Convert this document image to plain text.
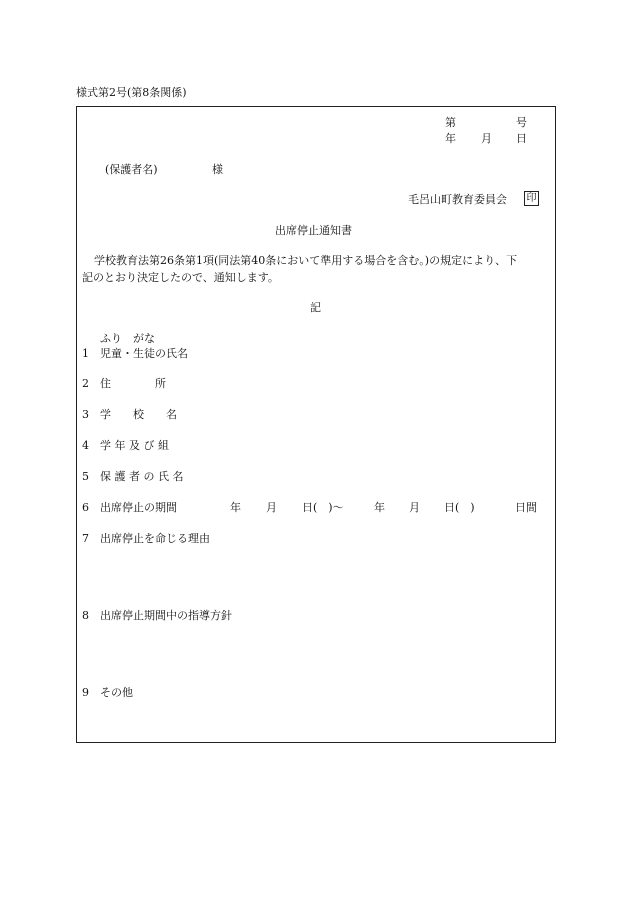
様式第2号(第8条関係)
第	号
年 月 日
(保護者名)	様
毛呂山町教育委員会 印
出席停止通知書
学校教育法第26条第1項(同法第40条において準用する場合を含む。)の規定により、下
記のとおり決定したので、通知します。
記
ふり　がな
1 児童・生徒の氏名
2 住　　　　所
3 学　　校　　名
4 学 年 及 び 組
5 保 護 者 の 氏 名
6 出席停止の期間	年 月 日(　)〜	年 月 日(　)	日間
7 出席停止を命じる理由
8 出席停止期間中の指導方針
9 その他
